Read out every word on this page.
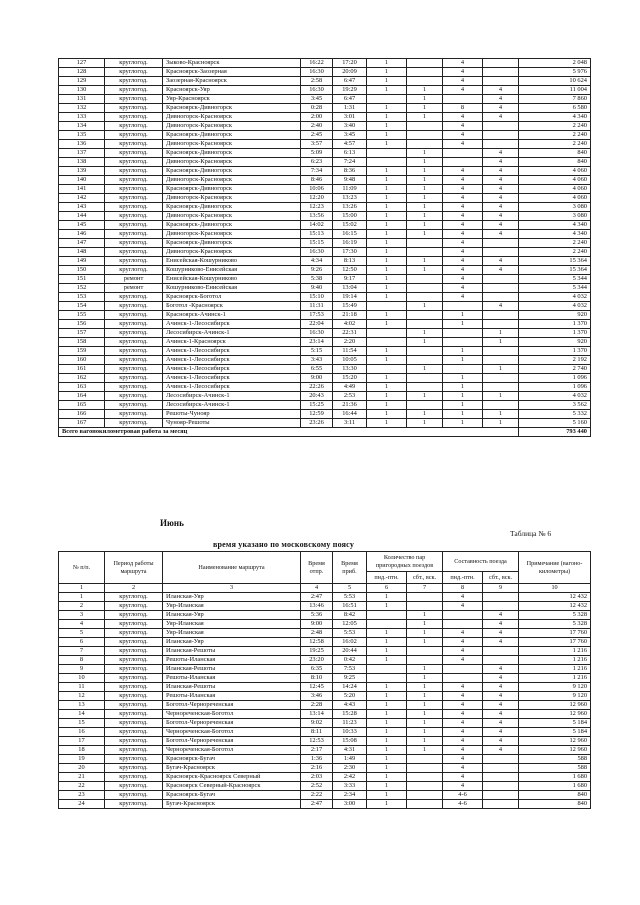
127	круглогод.	Зыково-Красноярск	16:22	17:20	1		4		2 048
128	круглогод.	Красноярск-Заозерная	16:30	20:09	1		4		5 976
129	круглогод.	Заозерная-Красноярск	2:58	6:47	1		4		10 624
130	круглогод.	Красноярск-Уяр	16:30	19:29	1	1	4	4	11 004
131	круглогод.	Уяр-Красноярск	3:45	6:47		1		4	7 860
132	круглогод.	Красноярск-Дивногорск	0:28	1:31	1	1	8	4	6 580
133	круглогод.	Дивногорск-Красноярск	2:00	3:01	1	1	4	4	4 340
134	круглогод.	Дивногорск-Красноярск	2:40	3:40	1		4		2 240
135	круглогод.	Красноярск-Дивногорск	2:45	3:45	1		4		2 240
136	круглогод.	Дивногорск-Красноярск	3:57	4:57	1		4		2 240
137	круглогод.	Красноярск-Дивногорск	5:09	6:13		1		4	840
138	круглогод.	Дивногорск-Красноярск	6:23	7:24		1		4	840
139	круглогод.	Красноярск-Дивногорск	7:34	8:36	1	1	4	4	4 060
140	круглогод.	Дивногорск-Красноярск	8:46	9:48	1	1	4	4	4 060
141	круглогод.	Красноярск-Дивногорск	10:06	11:09	1	1	4	4	4 060
142	круглогод.	Дивногорск-Красноярск	12:20	13:23	1	1	4	4	4 060
143	круглогод.	Красноярск-Дивногорск	12:23	13:26	1	1	4	4	3 080
144	круглогод.	Дивногорск-Красноярск	13:56	15:00	1	1	4	4	3 080
145	круглогод.	Красноярск-Дивногорск	14:02	15:02	1	1	4	4	4 340
146	круглогод.	Дивногорск-Красноярск	15:13	16:15	1	1	4	4	4 340
147	круглогод.	Красноярск-Дивногорск	15:15	16:19	1		4		2 240
148	круглогод.	Дивногорск-Красноярск	16:30	17:30	1		4		2 240
149	круглогод.	Енисейская-Кошурниково	4:34	8:13	1	1	4	4	15 364
150	круглогод.	Кошурниково-Енисейская	9:26	12:50	1	1	4	4	15 364
151	ремонт	Енисейская-Кошурниково	5:38	9:17	1		4		5 344
152	ремонт	Кошурниково-Енисейская	9:40	13:04	1		4		5 344
153	круглогод.	Красноярск-Боготол	15:10	19:14	1		4		4 032
154	круглогод.	Боготол -Красноярск	11:31	15:49		1		4	4 032
155	круглогод.	Красноярск-Ачинск-1	17:53	21:18	1		1		920
156	круглогод.	Ачинск-1-Лесосибирск	22:04	4:02	1		1		1 370
157	круглогод.	Лесосибирск-Ачинск-1	16:30	22:31		1		1	1 370
158	круглогод.	Ачинск-1-Красноярск	23:14	2:20		1		1	920
159	круглогод.	Ачинск-1-Лесосибирск	5:15	11:54	1		1		1 370
160	круглогод.	Ачинск-1-Лесосибирск	3:43	10:05	1		1		2 192
161	круглогод.	Ачинск-1-Лесосибирск	6:55	13:30		1		1	2 740
162	круглогод.	Ачинск-1-Лесосибирск	9:00	15:20	1		1		1 096
163	круглогод.	Ачинск-1-Лесосибирск	22:26	4:49	1		1		1 096
164	круглогод.	Лесосибирск-Ачинск-1	20:43	2:53	1	1	1	1	4 032
165	круглогод.	Лесосибирск-Ачинск-1	15:25	21:36	1		1		3 562
166	круглогод.	Решоты-Чунояр	12:59	16:44	1	1	1	1	5 332
167	круглогод.	Чунояр-Решоты	23:26	3:11	1	1	1	1	5 160
Всего вагонокилометровая работа за месяц									793 440
Июнь
Таблица № 6
время указано по московскому поясу
№ п/п.	Период работы маршрута	Наименование маршрута	Время отпр.	Время приб.	Количество пар пригородных поездов		Составность поезда		Примечание (вагоно-километры)
					пнд.-птн.	сбт., вск.	пнд.-птн.	сбт., вск.	
1	2	3	4	5	6	7	8	9	10
1	круглогод.	Иланская-Уяр	2:47	5:53	1		4		12 432
2	круглогод.	Уяр-Иланская	13:46	16:51	1		4		12 432
3	круглогод.	Иланская-Уяр	5:36	8:42		1		4	5 328
4	круглогод.	Уяр-Иланская	9:00	12:05		1		4	5 328
5	круглогод.	Уяр-Иланская	2:48	5:53	1	1	4	4	17 760
6	круглогод.	Иланская-Уяр	12:58	16:02	1	1	4	4	17 760
7	круглогод.	Иланская-Решоты	19:25	20:44	1		4		1 216
8	круглогод.	Решоты-Иланская	23:20	0:42	1		4		1 216
9	круглогод.	Иланская-Решоты	6:35	7:53		1		4	1 216
10	круглогод.	Решоты-Иланская	8:10	9:25		1		4	1 216
11	круглогод.	Иланская-Решоты	12:45	14:24	1	1	4	4	9 120
12	круглогод.	Решоты-Иланская	3:46	5:20	1	1	4	4	9 120
13	круглогод.	Боготол-Чернореченская	2:28	4:43	1	1	4	4	12 960
14	круглогод.	Чернореченская-Боготол	13:14	15:28	1	1	4	4	12 960
15	круглогод.	Боготол-Чернореченская	9:02	11:23	1	1	4	4	5 184
16	круглогод.	Чернореченская-Боготол	8:11	10:33	1	1	4	4	5 184
17	круглогод.	Боготол-Чернореченская	12:53	15:08	1	1	4	4	12 960
18	круглогод.	Чернореченская-Боготол	2:17	4:31	1	1	4	4	12 960
19	круглогод.	Красноярск-Бугач	1:36	1:49	1		4		588
20	круглогод.	Бугач-Красноярск	2:16	2:30	1		4		588
21	круглогод.	Красноярск-Красноярск Северный	2:03	2:42	1		4		1 680
22	круглогод.	Красноярск Северный-Красноярск	2:52	3:33	1		4		1 680
23	круглогод.	Красноярск-Бугач	2:22	2:34	1		4-6		840
24	круглогод.	Бугач-Красноярск	2:47	3:00	1		4-6		840
